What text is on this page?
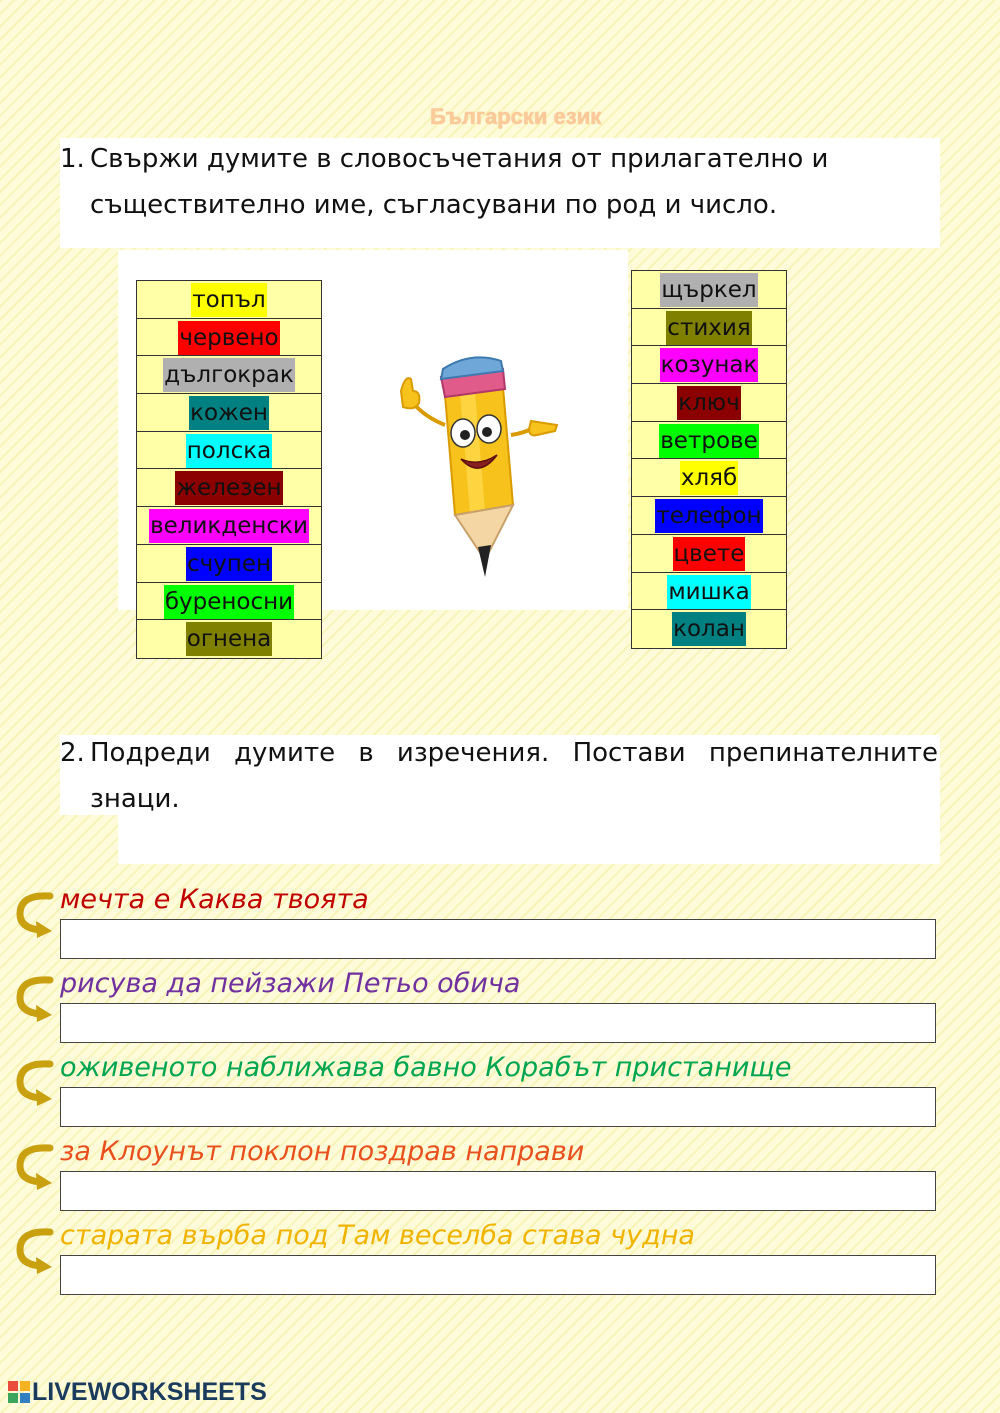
Български език
1. Свържи думите в словосъчетания от прилагателно и
съществително име, съгласувани по род и число.
топъл
червено
дългокрак
кожен
полска
железен
великденски
счупен
буреносни
огнена
щъркел
стихия
козунак
ключ
ветрове
хляб
телефон
цвете
мишка
колан
2. Подреди думите в изречения. Постави препинателните
знаци.
мечта е Каква твоята
рисува да пейзажи Петьо обича
оживеното наближава бавно Корабът пристанище
за Клоунът поклон поздрав направи
старата върба под Там веселба става чудна
LIVEWORKSHEETS
